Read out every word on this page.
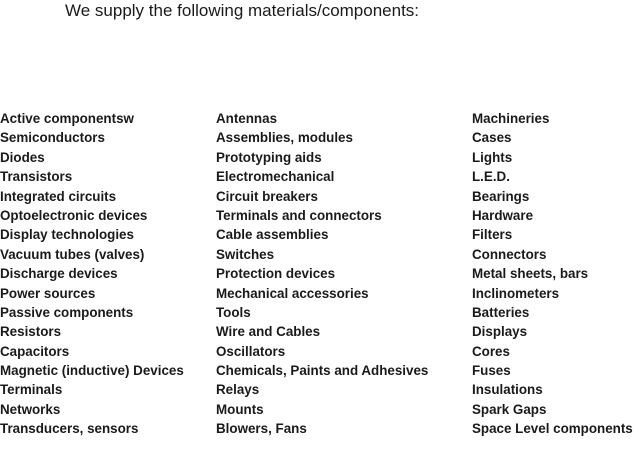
We supply the following materials/components:
Active componentsw
Semiconductors
Diodes
Transistors
Integrated circuits
Optoelectronic devices
Display technologies
Vacuum tubes (valves)
Discharge devices
Power sources
Passive components
Resistors
Capacitors
Magnetic (inductive) Devices
Terminals
Networks
Transducers, sensors
Antennas
Assemblies, modules
Prototyping aids
Electromechanical
Circuit breakers
Terminals and connectors
Cable assemblies
Switches
Protection devices
Mechanical accessories
Tools
Wire and Cables
Oscillators
Chemicals, Paints and Adhesives
Relays
Mounts
Blowers, Fans
Machineries
Cases
Lights
L.E.D.
Bearings
Hardware
Filters
Connectors
Metal sheets, bars
Inclinometers
Batteries
Displays
Cores
Fuses
Insulations
Spark Gaps
Space Level components
